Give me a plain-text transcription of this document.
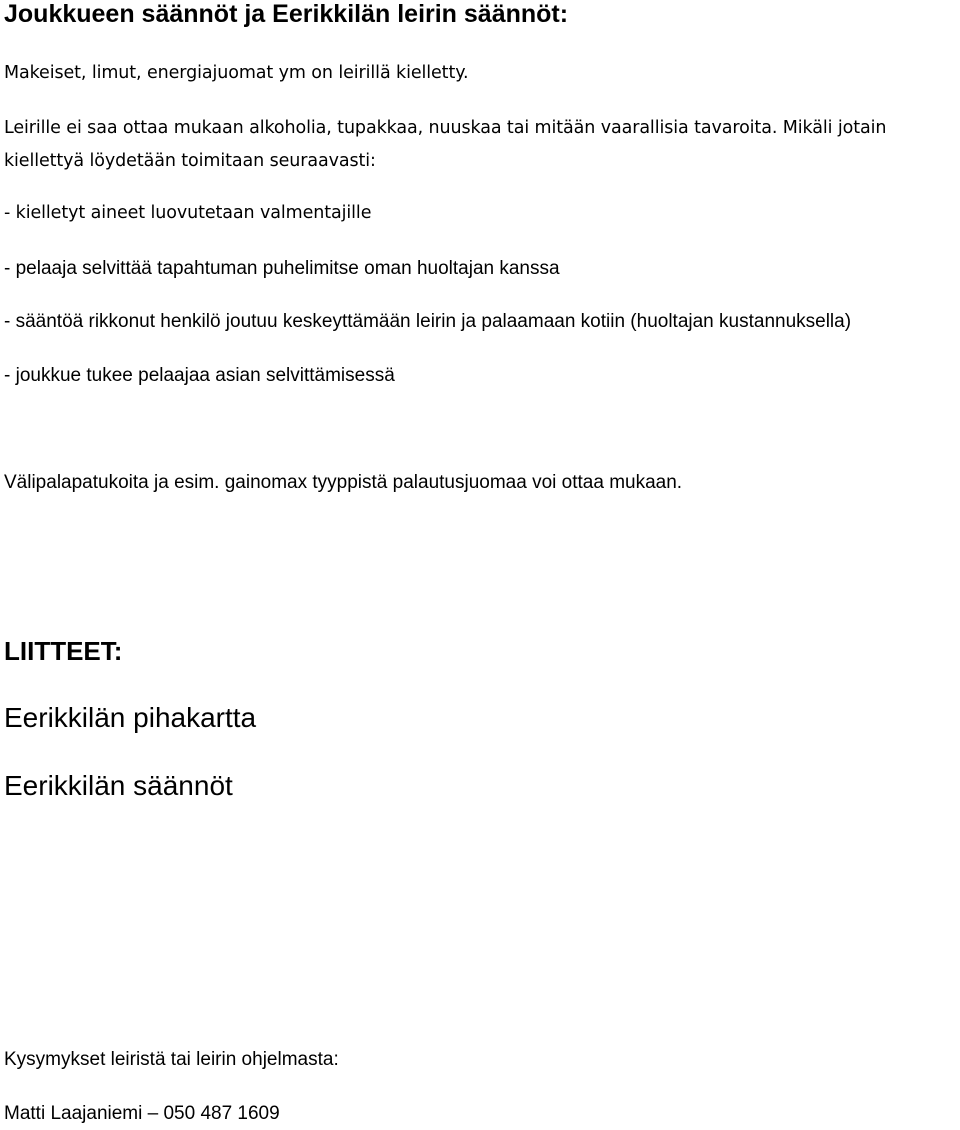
Joukkueen säännöt ja Eerikkilän leirin säännöt:

Makeiset, limut, energiajuomat ym on leirillä kielletty.

Leirille ei saa ottaa mukaan alkoholia, tupakkaa, nuuskaa tai mitään vaarallisia tavaroita. Mikäli jotain

kiellettyä löydetään toimitaan seuraavasti:

- kielletyt aineet luovutetaan valmentajille

- pelaaja selvittää tapahtuman puhelimitse oman huoltajan kanssa

- sääntöä rikkonut henkilö joutuu keskeyttämään leirin ja palaamaan kotiin (huoltajan kustannuksella)

- joukkue tukee pelaajaa asian selvittämisessä

Välipalapatukoita ja esim. gainomax tyyppistä palautusjuomaa voi ottaa mukaan.

LIITTEET:

Eerikkilän pihakartta

Eerikkilän säännöt

Kysymykset leiristä tai leirin ohjelmasta:

Matti Laajaniemi – 050 487 1609
